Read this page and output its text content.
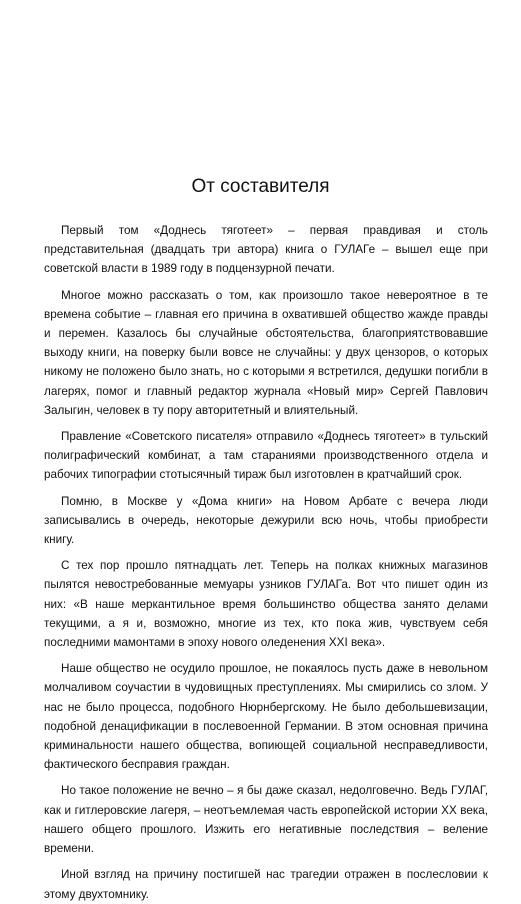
От составителя

Первый том «Доднесь тяготеет» – первая правдивая и столь представительная (двадцать три автора) книга о ГУЛАГе – вышел еще при советской власти в 1989 году в подцензурной печати.

Многое можно рассказать о том, как произошло такое невероятное в те времена событие – главная его причина в охватившей общество жажде правды и перемен. Казалось бы случайные обстоятельства, благоприятствовавшие выходу книги, на поверку были вовсе не случайны: у двух цензоров, о которых никому не положено было знать, но с которыми я встретился, дедушки погибли в лагерях, помог и главный редактор журнала «Новый мир» Сергей Павлович Залыгин, человек в ту пору авторитетный и влиятельный.

Правление «Советского писателя» отправило «Доднесь тяготеет» в тульский полиграфический комбинат, а там стараниями производственного отдела и рабочих типографии стотысячный тираж был изготовлен в кратчайший срок.

Помню, в Москве у «Дома книги» на Новом Арбате с вечера люди записывались в очередь, некоторые дежурили всю ночь, чтобы приобрести книгу.

С тех пор прошло пятнадцать лет. Теперь на полках книжных магазинов пылятся невостребованные мемуары узников ГУЛАГа. Вот что пишет один из них: «В наше меркантильное время большинство общества занято делами текущими, а я и, возможно, многие из тех, кто пока жив, чувствуем себя последними мамонтами в эпоху нового оледенения XXI века».

Наше общество не осудило прошлое, не покаялось пусть даже в невольном молчаливом соучастии в чудовищных преступлениях. Мы смирились со злом. У нас не было процесса, подобного Нюрнбергскому. Не было дебольшевизации, подобной денацификации в послевоенной Германии. В этом основная причина криминальности нашего общества, вопиющей социальной несправедливости, фактического бесправия граждан.

Но такое положение не вечно – я бы даже сказал, недолговечно. Ведь ГУЛАГ, как и гитлеровские лагеря, – неотъемлемая часть европейской истории XX века, нашего общего прошлого. Изжить его негативные последствия – веление времени.

Иной взгляд на причину постигшей нас трагедии отражен в послесловии к этому двухтомнику.
